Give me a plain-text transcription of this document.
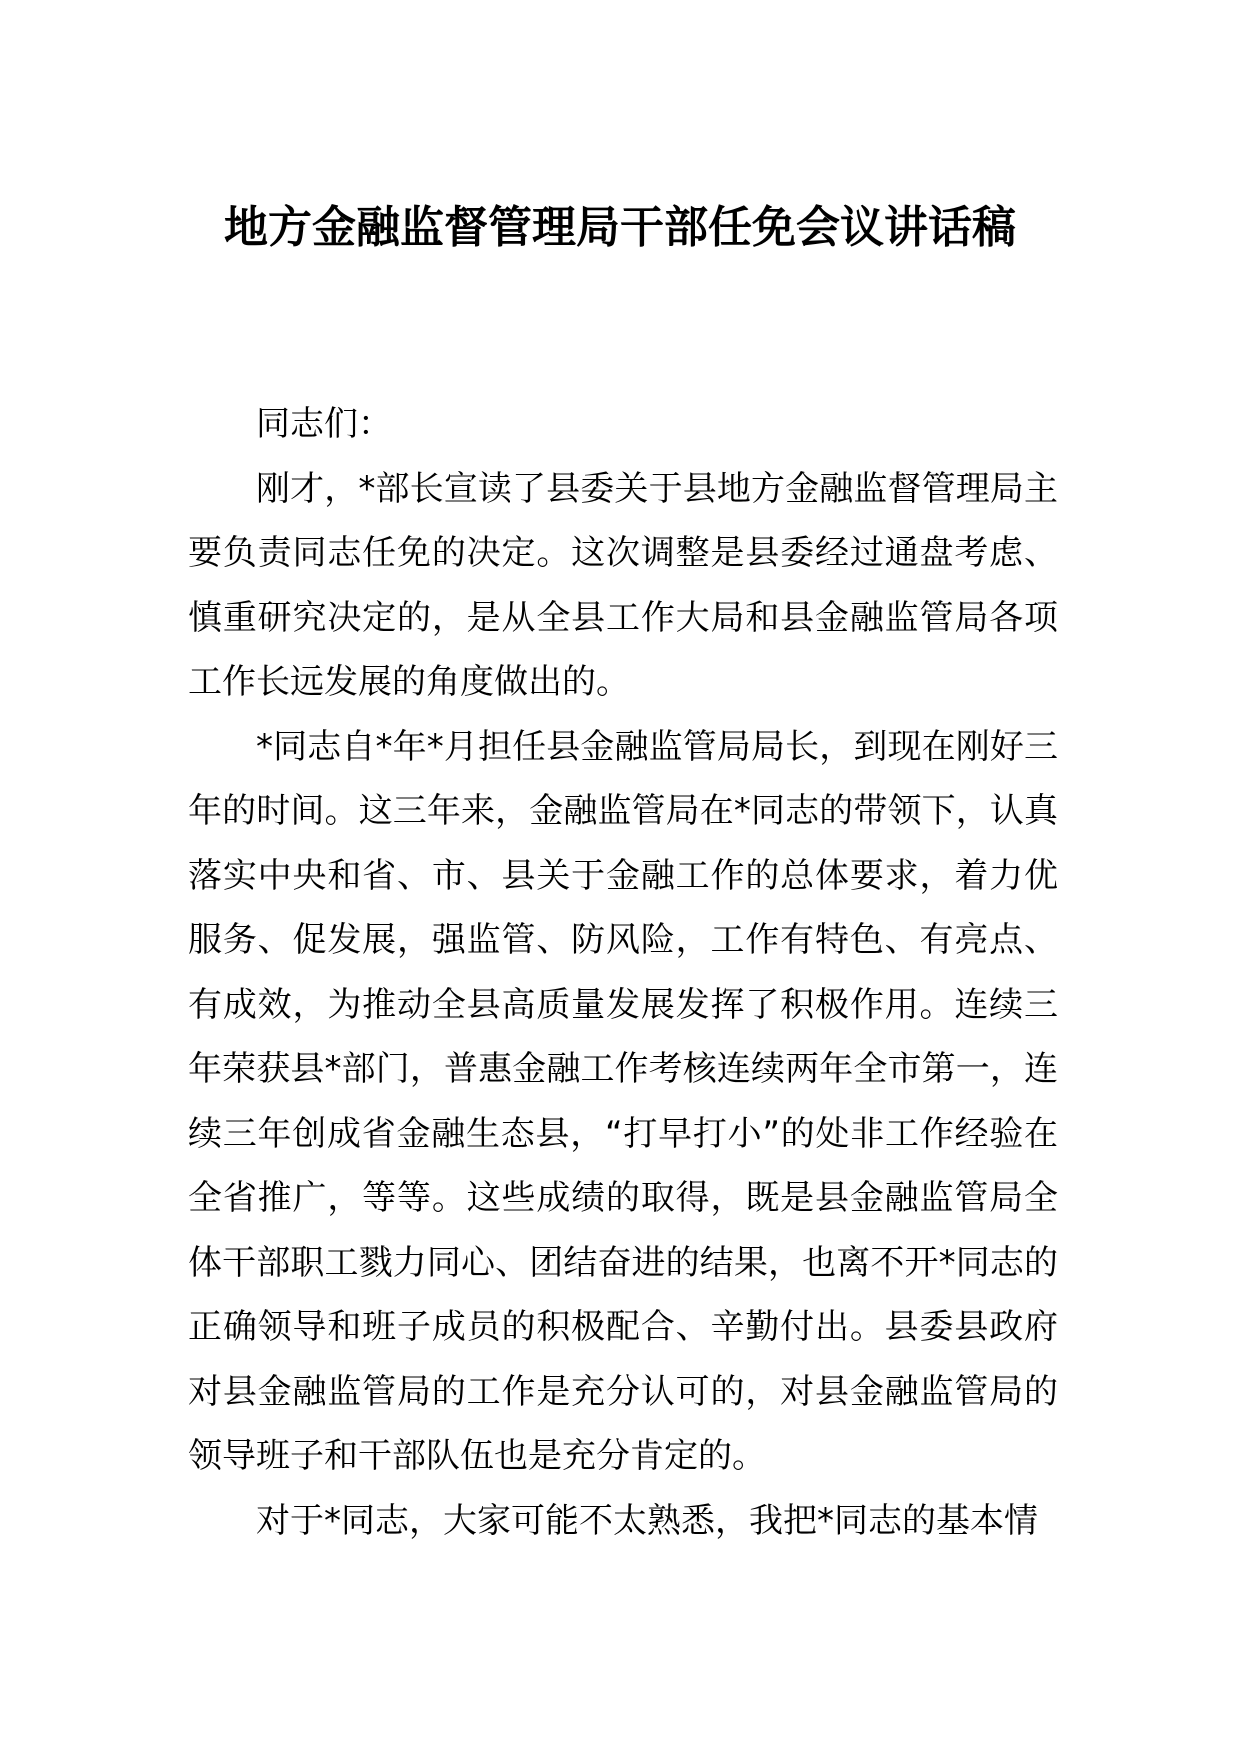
地方金融监督管理局干部任免会议讲话稿

同志们：

刚才，*部长宣读了县委关于县地方金融监督管理局主要负责同志任免的决定。这次调整是县委经过通盘考虑、慎重研究决定的，是从全县工作大局和县金融监管局各项工作长远发展的角度做出的。

*同志自*年*月担任县金融监管局局长，到现在刚好三年的时间。这三年来，金融监管局在*同志的带领下，认真落实中央和省、市、县关于金融工作的总体要求，着力优服务、促发展，强监管、防风险，工作有特色、有亮点、有成效，为推动全县高质量发展发挥了积极作用。连续三年荣获县*部门，普惠金融工作考核连续两年全市第一，连续三年创成省金融生态县，“打早打小”的处非工作经验在全省推广，等等。这些成绩的取得，既是县金融监管局全体干部职工戮力同心、团结奋进的结果，也离不开*同志的正确领导和班子成员的积极配合、辛勤付出。县委县政府对县金融监管局的工作是充分认可的，对县金融监管局的领导班子和干部队伍也是充分肯定的。

对于*同志，大家可能不太熟悉，我把*同志的基本情
